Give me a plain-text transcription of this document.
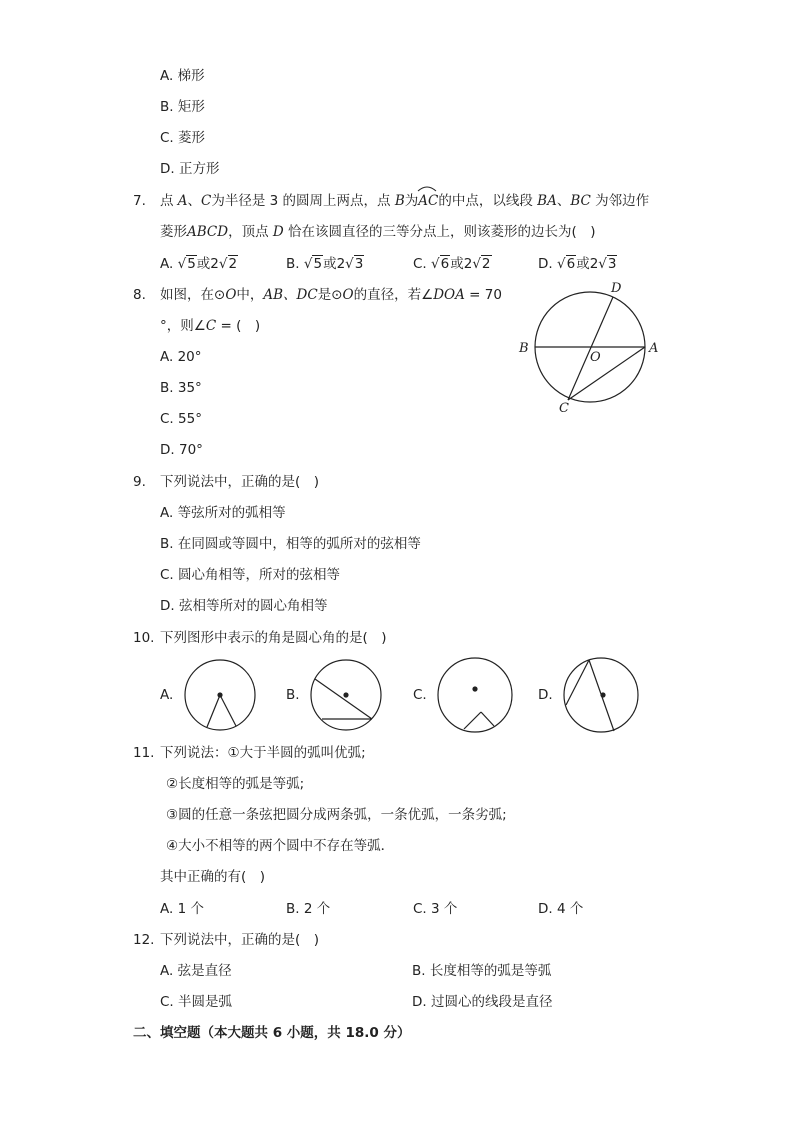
A. 梯形
B. 矩形
C. 菱形
D. 正方形
7. 点 A、C为半径是 3 的圆周上两点，点 B为
AC的中点，以线段 BA、BC 为邻边作
菱形ABCD，顶点 D 恰在该圆直径的三等分点上，则该菱形的边长为(　)
A. √5或2√2	B. √5或2√3	C. √6或2√2	D. √6或2√3
8. 如图，在⊙O中，AB、DC是⊙O的直径，若∠DOA = 70
°，则∠C = (　)
A. 20°
B. 35°
C. 55°
D. 70°
D
B
O
A
C
9. 下列说法中，正确的是(　)
A. 等弦所对的弧相等
B. 在同圆或等圆中，相等的弧所对的弦相等
C. 圆心角相等，所对的弦相等
D. 弦相等所对的圆心角相等
10. 下列图形中表示的角是圆心角的是(　)
A.	B.	C.	D.
11. 下列说法：①大于半圆的弧叫优弧;
②长度相等的弧是等弧;
③圆的任意一条弦把圆分成两条弧，一条优弧，一条劣弧;
④大小不相等的两个圆中不存在等弧．
其中正确的有(　)
A. 1 个	B. 2 个	C. 3 个	D. 4 个
12. 下列说法中，正确的是(　)
A. 弦是直径	B. 长度相等的弧是等弧
C. 半圆是弧	D. 过圆心的线段是直径
二、填空题（本大题共 6 小题，共 18.0 分）
